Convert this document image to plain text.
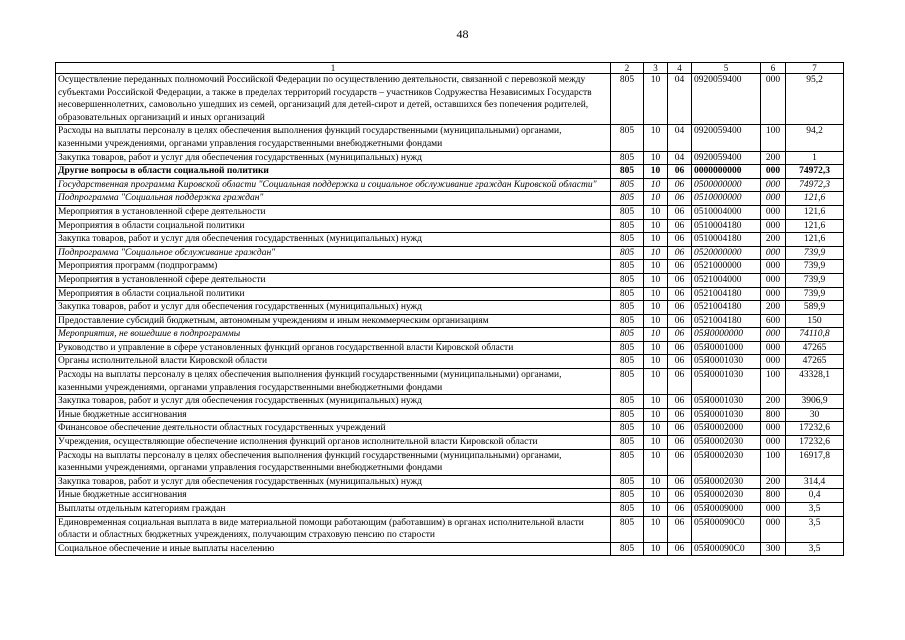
48
1	2	3	4	5	6	7
Осуществление переданных полномочий Российской Федерации по осуществлению деятельности, связанной с перевозкой между субъектами Российской Федерации, а также в пределах территорий государств – участников Содружества Независимых Государств несовершеннолетних, самовольно ушедших из семей, организаций для детей-сирот и детей, оставшихся без попечения родителей, образовательных организаций и иных организаций	805	10	04	0920059400	000	95,2
Расходы на выплаты персоналу в целях обеспечения выполнения функций государственными (муниципальными) органами, казенными учреждениями, органами управления государственными внебюджетными фондами	805	10	04	0920059400	100	94,2
Закупка товаров, работ и услуг для обеспечения государственных (муниципальных) нужд	805	10	04	0920059400	200	1
Другие вопросы в области социальной политики	805	10	06	0000000000	000	74972,3
Государственная программа Кировской области "Социальная поддержка и социальное обслуживание граждан Кировской области"	805	10	06	0500000000	000	74972,3
Подпрограмма "Социальная поддержка граждан"	805	10	06	0510000000	000	121,6
Мероприятия в установленной сфере деятельности	805	10	06	0510004000	000	121,6
Мероприятия в области социальной политики	805	10	06	0510004180	000	121,6
Закупка товаров, работ и услуг для обеспечения государственных (муниципальных) нужд	805	10	06	0510004180	200	121,6
Подпрограмма "Социальное обслуживание граждан"	805	10	06	0520000000	000	739,9
Мероприятия программ (подпрограмм)	805	10	06	0521000000	000	739,9
Мероприятия в установленной сфере деятельности	805	10	06	0521004000	000	739,9
Мероприятия в области социальной политики	805	10	06	0521004180	000	739,9
Закупка товаров, работ и услуг для обеспечения государственных (муниципальных) нужд	805	10	06	0521004180	200	589,9
Предоставление субсидий бюджетным, автономным учреждениям и иным некоммерческим организациям	805	10	06	0521004180	600	150
Мероприятия, не вошедшие в подпрограммы	805	10	06	05Я0000000	000	74110,8
Руководство и управление в сфере установленных функций органов государственной власти Кировской области	805	10	06	05Я0001000	000	47265
Органы исполнительной власти Кировской области	805	10	06	05Я0001030	000	47265
Расходы на выплаты персоналу в целях обеспечения выполнения функций государственными (муниципальными) органами, казенными учреждениями, органами управления государственными внебюджетными фондами	805	10	06	05Я0001030	100	43328,1
Закупка товаров, работ и услуг для обеспечения государственных (муниципальных) нужд	805	10	06	05Я0001030	200	3906,9
Иные бюджетные ассигнования	805	10	06	05Я0001030	800	30
Финансовое обеспечение деятельности областных государственных учреждений	805	10	06	05Я0002000	000	17232,6
Учреждения, осуществляющие обеспечение исполнения функций органов исполнительной власти Кировской области	805	10	06	05Я0002030	000	17232,6
Расходы на выплаты персоналу в целях обеспечения выполнения функций государственными (муниципальными) органами, казенными учреждениями, органами управления государственными внебюджетными фондами	805	10	06	05Я0002030	100	16917,8
Закупка товаров, работ и услуг для обеспечения государственных (муниципальных) нужд	805	10	06	05Я0002030	200	314,4
Иные бюджетные ассигнования	805	10	06	05Я0002030	800	0,4
Выплаты отдельным категориям граждан	805	10	06	05Я0009000	000	3,5
Единовременная социальная выплата в виде материальной помощи работающим (работавшим) в органах исполнительной власти области и областных бюджетных учреждениях, получающим страховую пенсию по старости	805	10	06	05Я00090С0	000	3,5
Социальное обеспечение и иные выплаты населению	805	10	06	05Я00090С0	300	3,5
